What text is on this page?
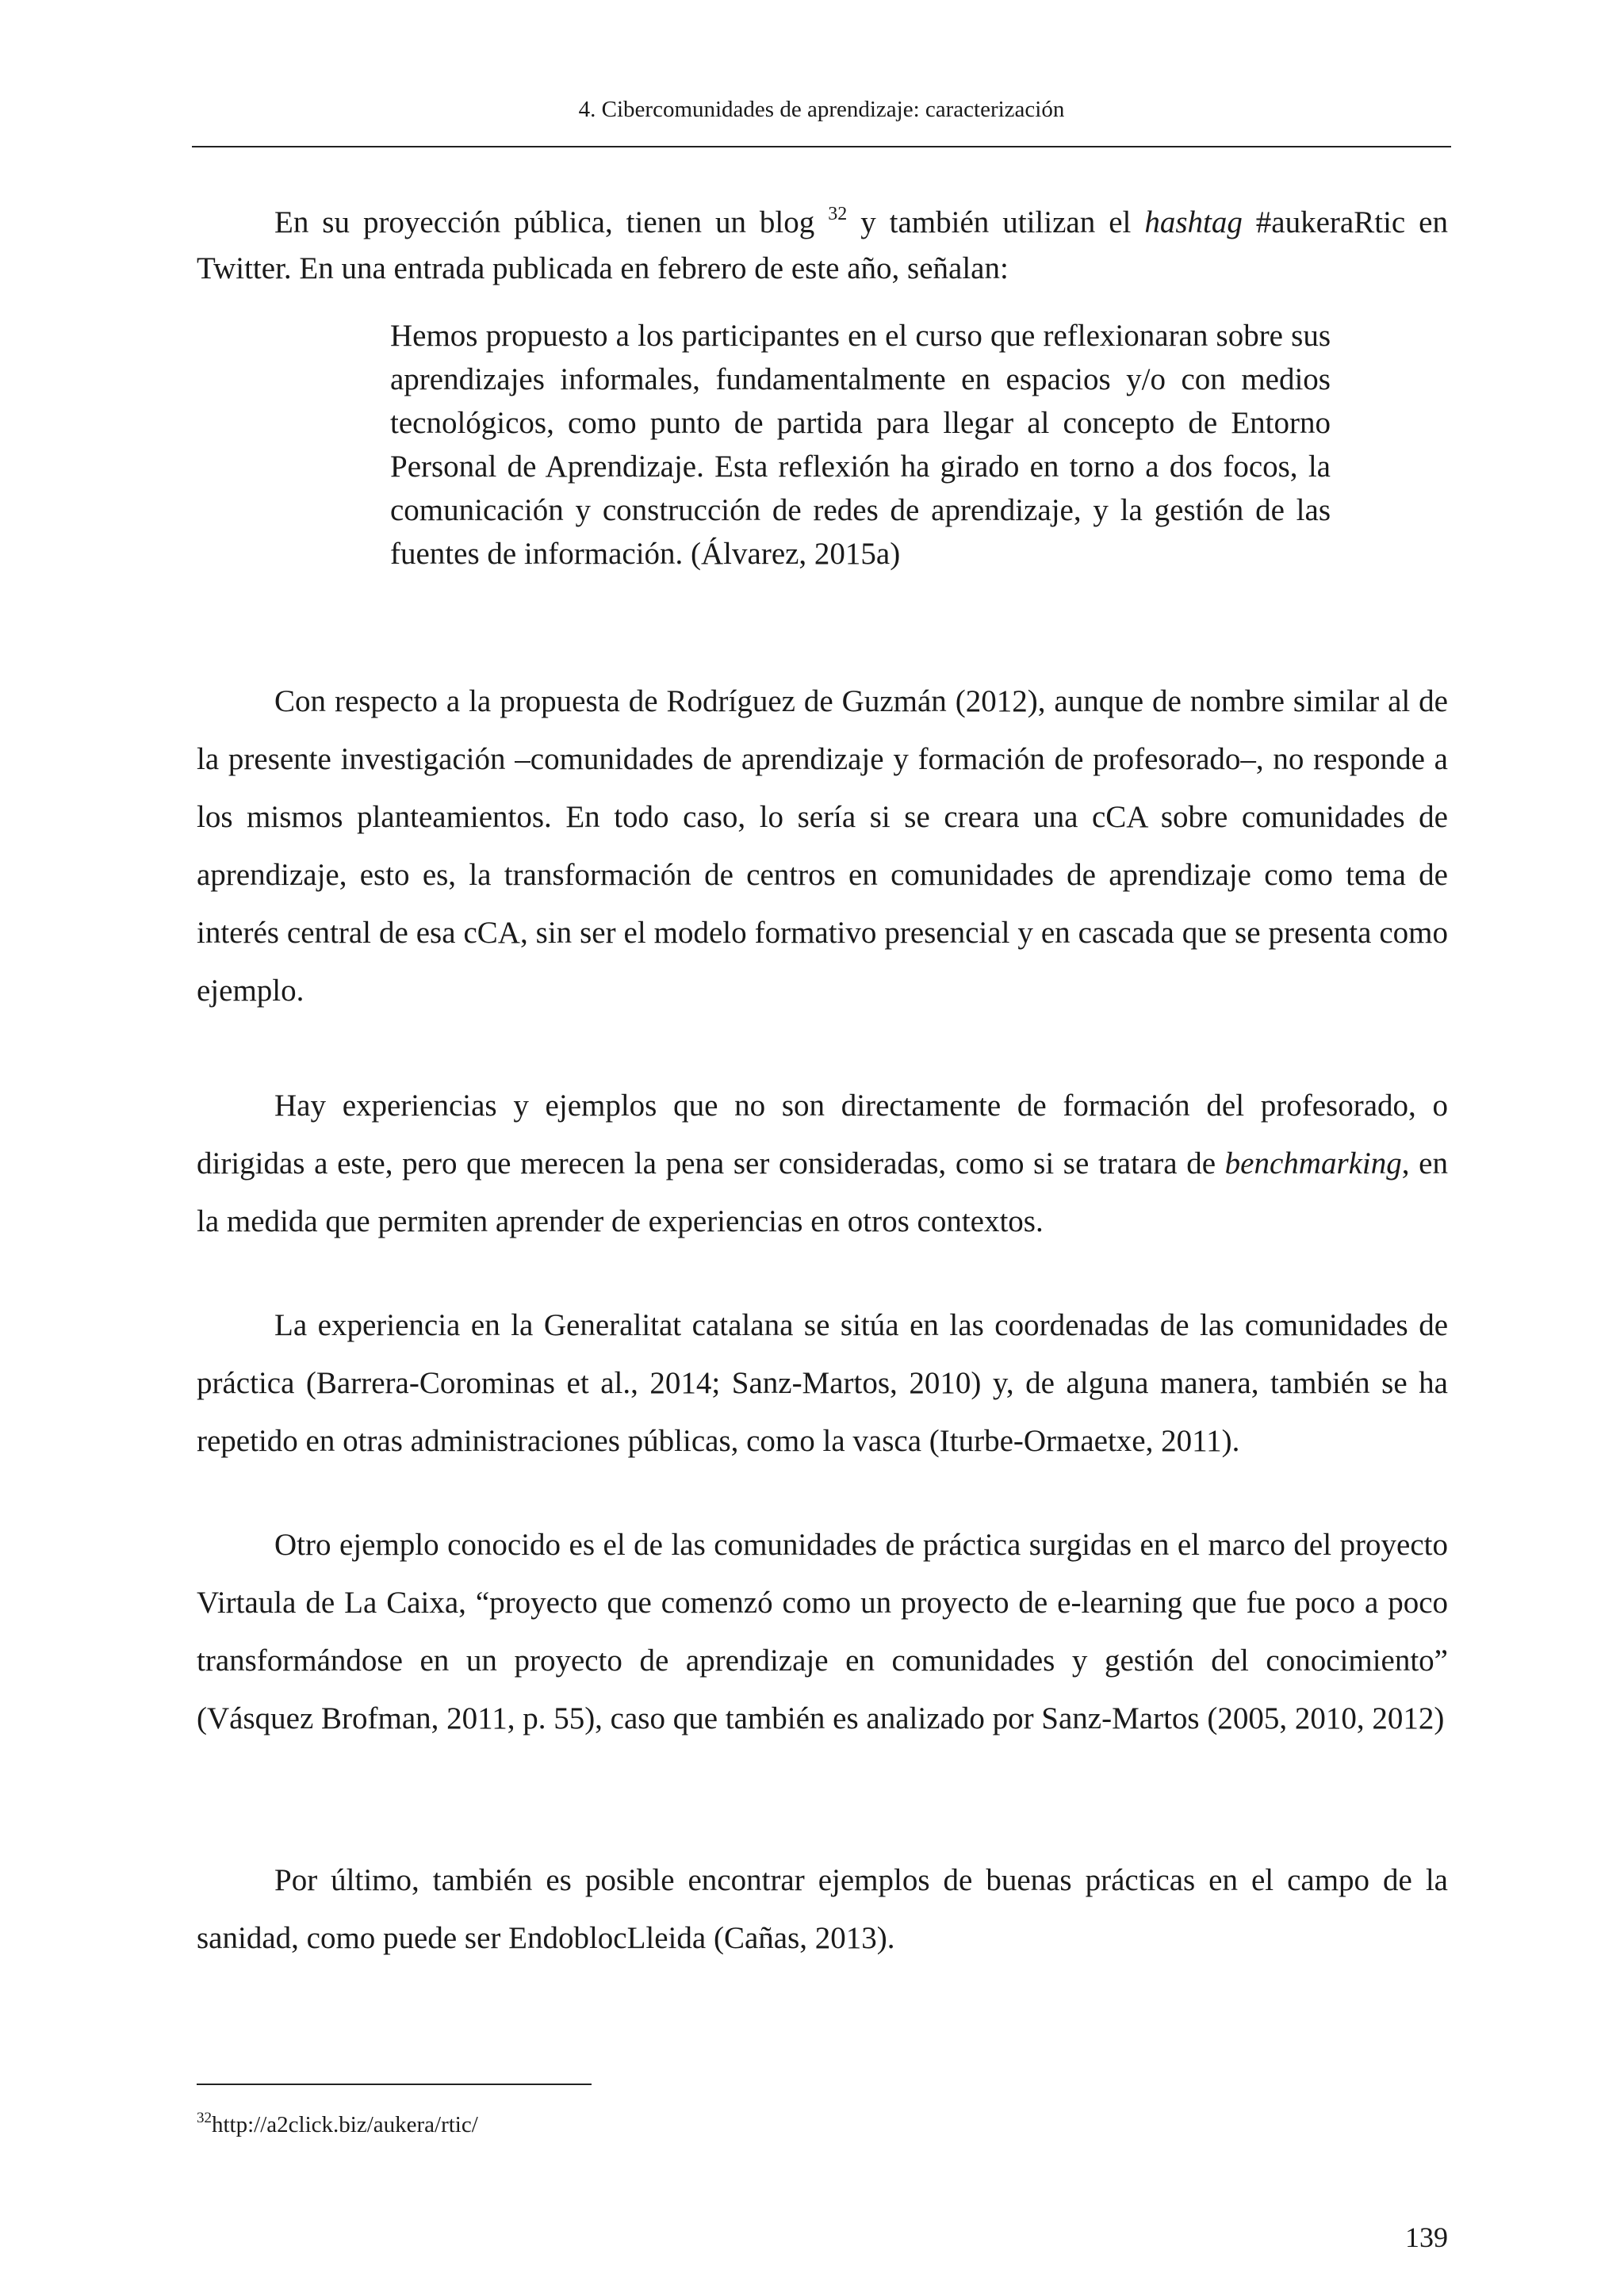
4. Cibercomunidades de aprendizaje: caracterización

En su proyección pública, tienen un blog $^{32}$ y también utilizan el hashtag #aukeraRtic en Twitter. En una entrada publicada en febrero de este año, señalan:

Hemos propuesto a los participantes en el curso que reflexionaran sobre sus aprendizajes informales, fundamentalmente en espacios y/o con medios tecnológicos, como punto de partida para llegar al concepto de Entorno Personal de Aprendizaje. Esta reflexión ha girado en torno a dos focos, la comunicación y construcción de redes de aprendizaje, y la gestión de las fuentes de información. (Álvarez, 2015a)

Con respecto a la propuesta de Rodríguez de Guzmán (2012), aunque de nombre similar al de la presente investigación –comunidades de aprendizaje y formación de profesorado–, no responde a los mismos planteamientos. En todo caso, lo sería si se creara una cCA sobre comunidades de aprendizaje, esto es, la transformación de centros en comunidades de aprendizaje como tema de interés central de esa cCA, sin ser el modelo formativo presencial y en cascada que se presenta como ejemplo.

Hay experiencias y ejemplos que no son directamente de formación del profesorado, o dirigidas a este, pero que merecen la pena ser consideradas, como si se tratara de benchmarking, en la medida que permiten aprender de experiencias en otros contextos.

La experiencia en la Generalitat catalana se sitúa en las coordenadas de las comunidades de práctica (Barrera-Corominas et al., 2014; Sanz-Martos, 2010) y, de alguna manera, también se ha repetido en otras administraciones públicas, como la vasca (Iturbe-Ormaetxe, 2011).

Otro ejemplo conocido es el de las comunidades de práctica surgidas en el marco del proyecto Virtaula de La Caixa, “proyecto que comenzó como un proyecto de e-learning que fue poco a poco transformándose en un proyecto de aprendizaje en comunidades y gestión del conocimiento” (Vásquez Brofman, 2011, p. 55), caso que también es analizado por Sanz-Martos (2005, 2010, 2012)

Por último, también es posible encontrar ejemplos de buenas prácticas en el campo de la sanidad, como puede ser EndoblocLleida (Cañas, 2013).

$^{32}$http://a2click.biz/aukera/rtic/
139
